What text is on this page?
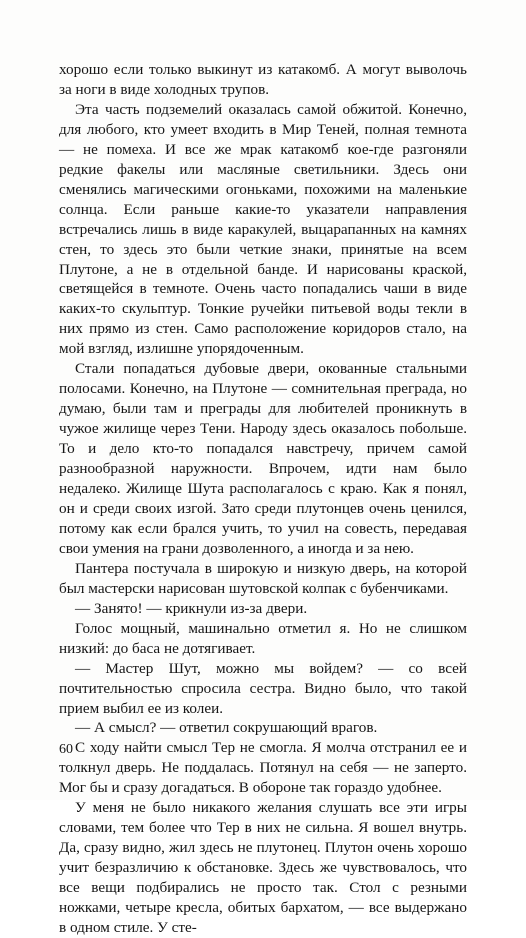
хорошо если только выкинут из катакомб. А могут выволочь за ноги в виде холодных трупов.

Эта часть подземелий оказалась самой обжитой. Конечно, для любого, кто умеет входить в Мир Теней, полная темнота — не помеха. И все же мрак катакомб кое-где разгоняли редкие факелы или масляные светильники. Здесь они сменялись магическими огоньками, похожими на маленькие солнца. Если раньше какие-то указатели направления встречались лишь в виде каракулей, выцарапанных на камнях стен, то здесь это были четкие знаки, принятые на всем Плутоне, а не в отдельной банде. И нарисованы краской, светящейся в темноте. Очень часто попадались чаши в виде каких-то скульптур. Тонкие ручейки питьевой воды текли в них прямо из стен. Само расположение коридоров стало, на мой взгляд, излишне упорядоченным.

Стали попадаться дубовые двери, окованные стальными полосами. Конечно, на Плутоне — сомнительная преграда, но думаю, были там и преграды для любителей проникнуть в чужое жилище через Тени. Народу здесь оказалось побольше. То и дело кто-то попадался навстречу, причем самой разнообразной наружности. Впрочем, идти нам было недалеко. Жилище Шута располагалось с краю. Как я понял, он и среди своих изгой. Зато среди плутонцев очень ценился, потому как если брался учить, то учил на совесть, передавая свои умения на грани дозволенного, а иногда и за нею.

Пантера постучала в широкую и низкую дверь, на которой был мастерски нарисован шутовской колпак с бубенчиками.

— Занято! — крикнули из-за двери.

Голос мощный, машинально отметил я. Но не слишком низкий: до баса не дотягивает.

— Мастер Шут, можно мы войдем? — со всей почтительностью спросила сестра. Видно было, что такой прием выбил ее из колеи.

— А смысл? — ответил сокрушающий врагов.

С ходу найти смысл Тер не смогла. Я молча отстранил ее и толкнул дверь. Не поддалась. Потянул на себя — не заперто. Мог бы и сразу догадаться. В обороне так гораздо удобнее.

У меня не было никакого желания слушать все эти игры словами, тем более что Тер в них не сильна. Я вошел внутрь. Да, сразу видно, жил здесь не плутонец. Плутон очень хорошо учит безразличию к обстановке. Здесь же чувствовалось, что все вещи подбирались не просто так. Стол с резными ножками, четыре кресла, обитых бархатом, — все выдержано в одном стиле. У сте-

60
